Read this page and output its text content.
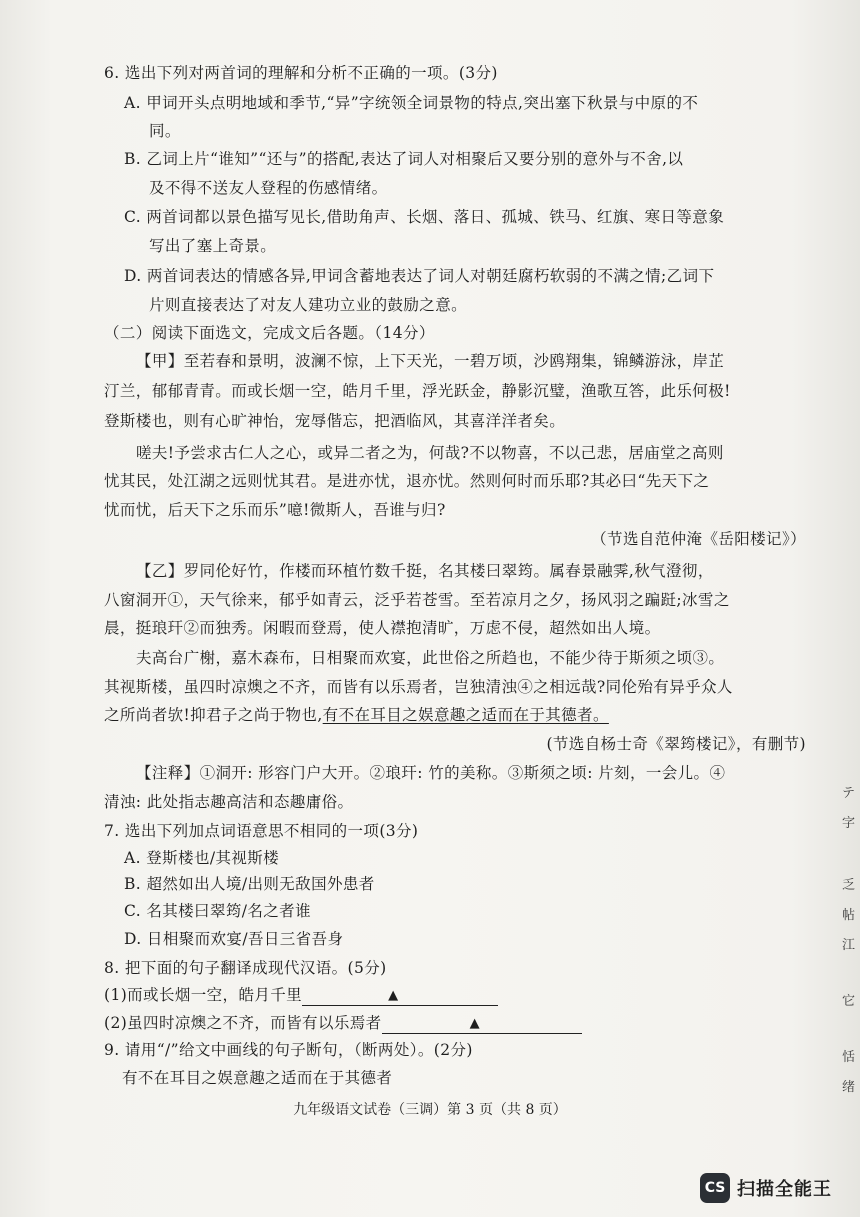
6. 选出下列对两首词的理解和分析不正确的一项。(3分)
A. 甲词开头点明地域和季节,“异”字统领全词景物的特点,突出塞下秋景与中原的不
同。
B. 乙词上片“谁知”“还与”的搭配,表达了词人对相聚后又要分别的意外与不舍,以
及不得不送友人登程的伤感情绪。
C. 两首词都以景色描写见长,借助角声、长烟、落日、孤城、铁马、红旗、寒日等意象
写出了塞上奇景。
D. 两首词表达的情感各异,甲词含蓄地表达了词人对朝廷腐朽软弱的不满之情;乙词下
片则直接表达了对友人建功立业的鼓励之意。
（二）阅读下面选文，完成文后各题。（14分）
【甲】至若春和景明，波澜不惊，上下天光，一碧万顷，沙鸥翔集，锦鳞游泳，岸芷
汀兰，郁郁青青。而或长烟一空，皓月千里，浮光跃金，静影沉璧，渔歌互答，此乐何极!
登斯楼也，则有心旷神怡，宠辱偕忘，把酒临风，其喜洋洋者矣。
嗟夫!予尝求古仁人之心，或异二者之为，何哉?不以物喜，不以己悲，居庙堂之高则
忧其民，处江湖之远则忧其君。是进亦忧，退亦忧。然则何时而乐耶?其必曰“先天下之
忧而忧，后天下之乐而乐”噫!微斯人，吾谁与归?
（节选自范仲淹《岳阳楼记》）
【乙】罗同伦好竹，作楼而环植竹数千挺，名其楼曰翠筠。属春景融霁,秋气澄彻，
八窗洞开①，天气徐来，郁乎如青云，泛乎若苍雪。至若凉月之夕，扬风羽之蹁跹;冰雪之
晨，挺琅玕②而独秀。闲暇而登焉，使人襟抱清旷，万虑不侵，超然如出人境。
夫高台广榭，嘉木森布，日相聚而欢宴，此世俗之所趋也，不能少待于斯须之顷③。
其视斯楼，虽四时凉燠之不齐，而皆有以乐焉者，岂独清浊④之相远哉?同伦殆有异乎众人
之所尚者欤!抑君子之尚于物也,有不在耳目之娱意趣之适而在于其德者。
(节选自杨士奇《翠筠楼记》，有删节)
【注释】①洞开: 形容门户大开。②琅玕: 竹的美称。③斯须之顷: 片刻，一会儿。④
清浊: 此处指志趣高洁和态趣庸俗。
7. 选出下列加点词语意思不相同的一项(3分)
A. 登斯楼也/其视斯楼
B. 超然如出人境/出则无敌国外患者
C. 名其楼曰翠筠/名之者谁
D. 日相聚而欢宴/吾日三省吾身
8. 把下面的句子翻译成现代汉语。(5分)
(1)而或长烟一空，皓月千里	▲
(2)虽四时凉燠之不齐，而皆有以乐焉者	▲
9. 请用“/”给文中画线的句子断句，（断两处）。(2分)
有不在耳目之娱意趣之适而在于其德者
九年级语文试卷（三调）第 3 页（共 8 页）
テ
字
乏
帖
江
它
恬
绪
CS 扫描全能王
